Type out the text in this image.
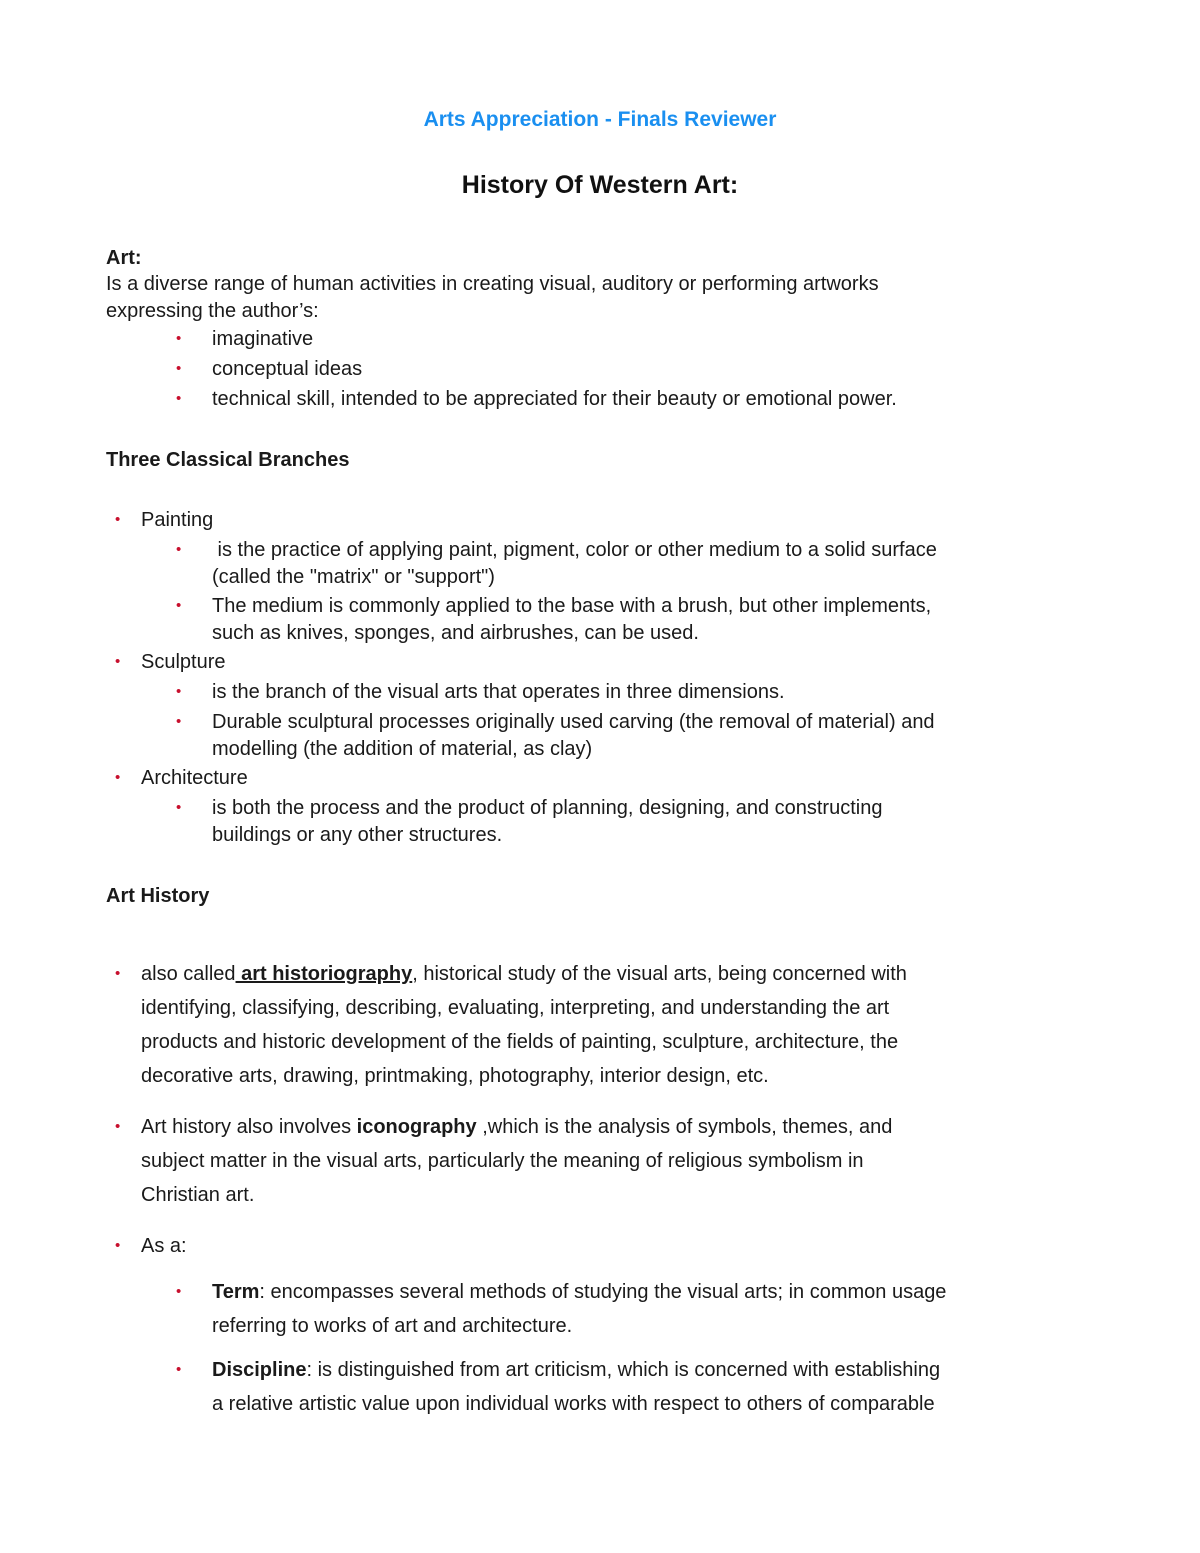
Arts Appreciation - Finals Reviewer
History Of Western Art:
Art:
Is a diverse range of human activities in creating visual, auditory or performing artworks
expressing the author’s:
• imaginative
• conceptual ideas
• technical skill, intended to be appreciated for their beauty or emotional power.
Three Classical Branches
• Painting
• is the practice of applying paint, pigment, color or other medium to a solid surface
(called the "matrix" or "support")
• The medium is commonly applied to the base with a brush, but other implements,
such as knives, sponges, and airbrushes, can be used.
• Sculpture
• is the branch of the visual arts that operates in three dimensions.
• Durable sculptural processes originally used carving (the removal of material) and
modelling (the addition of material, as clay)
• Architecture
• is both the process and the product of planning, designing, and constructing
buildings or any other structures.
Art History
• also called art historiography, historical study of the visual arts, being concerned with
identifying, classifying, describing, evaluating, interpreting, and understanding the art
products and historic development of the fields of painting, sculpture, architecture, the
decorative arts, drawing, printmaking, photography, interior design, etc.
• Art history also involves iconography ,which is the analysis of symbols, themes, and
subject matter in the visual arts, particularly the meaning of religious symbolism in
Christian art.
• As a:
• Term: encompasses several methods of studying the visual arts; in common usage
referring to works of art and architecture.
• Discipline: is distinguished from art criticism, which is concerned with establishing
a relative artistic value upon individual works with respect to others of comparable
